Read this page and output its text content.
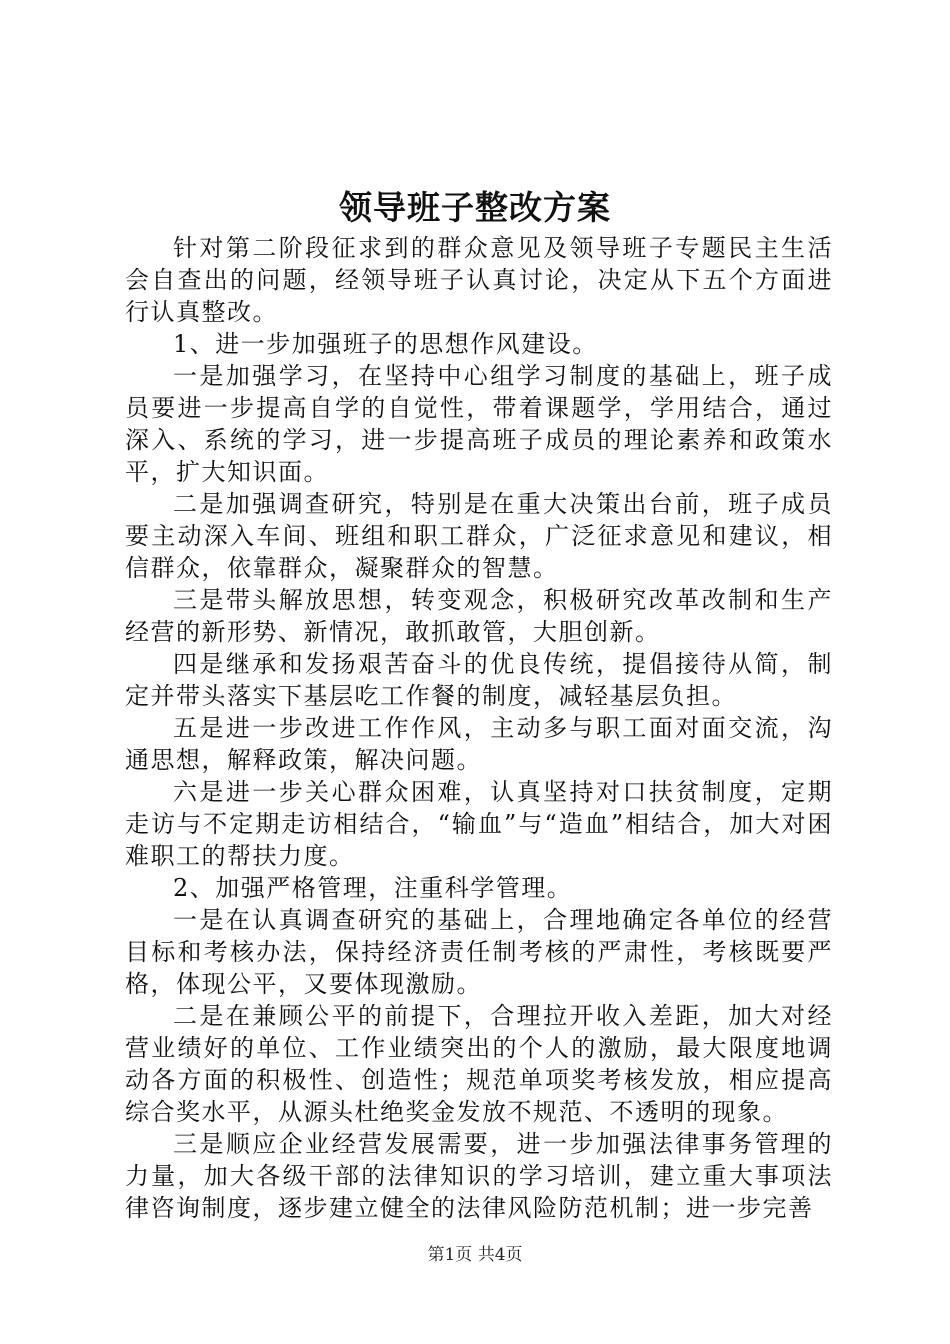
领导班子整改方案

针对第二阶段征求到的群众意见及领导班子专题民主生活会自查出的问题，经领导班子认真讨论，决定从下五个方面进行认真整改。

1、进一步加强班子的思想作风建设。

一是加强学习，在坚持中心组学习制度的基础上，班子成员要进一步提高自学的自觉性，带着课题学，学用结合，通过深入、系统的学习，进一步提高班子成员的理论素养和政策水平，扩大知识面。

二是加强调查研究，特别是在重大决策出台前，班子成员要主动深入车间、班组和职工群众，广泛征求意见和建议，相信群众，依靠群众，凝聚群众的智慧。

三是带头解放思想，转变观念，积极研究改革改制和生产经营的新形势、新情况，敢抓敢管，大胆创新。

四是继承和发扬艰苦奋斗的优良传统，提倡接待从简，制定并带头落实下基层吃工作餐的制度，减轻基层负担。

五是进一步改进工作作风，主动多与职工面对面交流，沟通思想，解释政策，解决问题。

六是进一步关心群众困难，认真坚持对口扶贫制度，定期走访与不定期走访相结合，“输血”与“造血”相结合，加大对困难职工的帮扶力度。

2、加强严格管理，注重科学管理。

一是在认真调查研究的基础上，合理地确定各单位的经营目标和考核办法，保持经济责任制考核的严肃性，考核既要严格，体现公平，又要体现激励。

二是在兼顾公平的前提下，合理拉开收入差距，加大对经营业绩好的单位、工作业绩突出的个人的激励，最大限度地调动各方面的积极性、创造性；规范单项奖考核发放，相应提高综合奖水平，从源头杜绝奖金发放不规范、不透明的现象。

三是顺应企业经营发展需要，进一步加强法律事务管理的力量，加大各级干部的法律知识的学习培训，建立重大事项法律咨询制度，逐步建立健全的法律风险防范机制；进一步完善

第1页 共4页
